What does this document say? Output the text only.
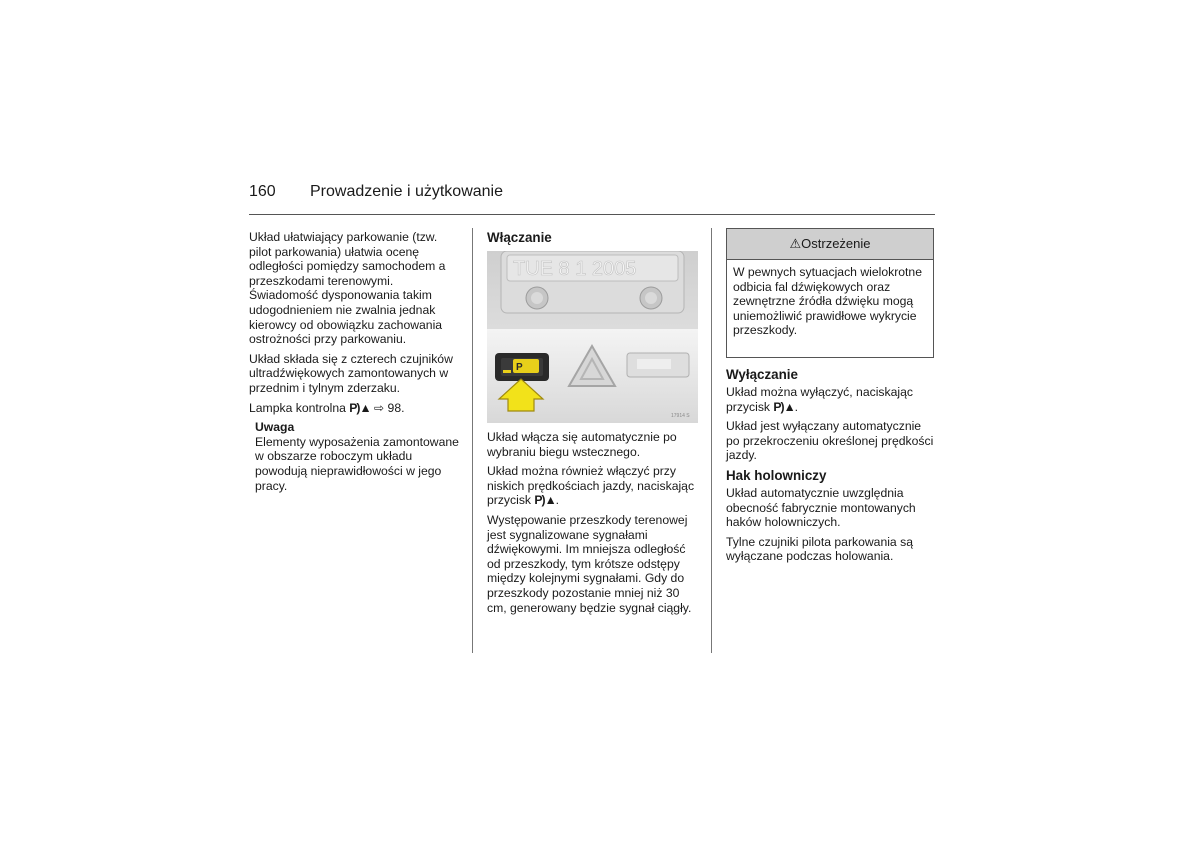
160 Prowadzenie i użytkowanie

Układ ułatwiający parkowanie (tzw. pilot parkowania) ułatwia ocenę odległości pomiędzy samochodem a przeszkodami terenowymi. Świadomość dysponowania takim udogodnieniem nie zwalnia jednak kierowcy od obowiązku zachowania ostrożności przy parkowaniu.

Układ składa się z czterech czujników ultradźwiękowych zamontowanych w przednim i tylnym zderzaku.

Lampka kontrolna P)▲ ⇨ 98.

Uwaga
Elementy wyposażenia zamontowane w obszarze roboczym układu powodują nieprawidłowości w jego pracy.
Włączanie
TUE 8 1 2005
P
17914 S

Układ włącza się automatycznie po wybraniu biegu wstecznego.

Układ można również włączyć przy niskich prędkościach jazdy, naciskając przycisk P)▲.

Występowanie przeszkody terenowej jest sygnalizowane sygnałami dźwiękowymi. Im mniejsza odległość od przeszkody, tym krótsze odstępy między kolejnymi sygnałami. Gdy do przeszkody pozostanie mniej niż 30 cm, generowany będzie sygnał ciągły.

⚠Ostrzeżenie
W pewnych sytuacjach wielokrotne odbicia fal dźwiękowych oraz zewnętrzne źródła dźwięku mogą uniemożliwić prawidłowe wykrycie przeszkody.
Wyłączanie

Układ można wyłączyć, naciskając przycisk P)▲.

Układ jest wyłączany automatycznie po przekroczeniu określonej prędkości jazdy.

Hak holowniczy

Układ automatycznie uwzględnia obecność fabrycznie montowanych haków holowniczych.

Tylne czujniki pilota parkowania są wyłączane podczas holowania.
